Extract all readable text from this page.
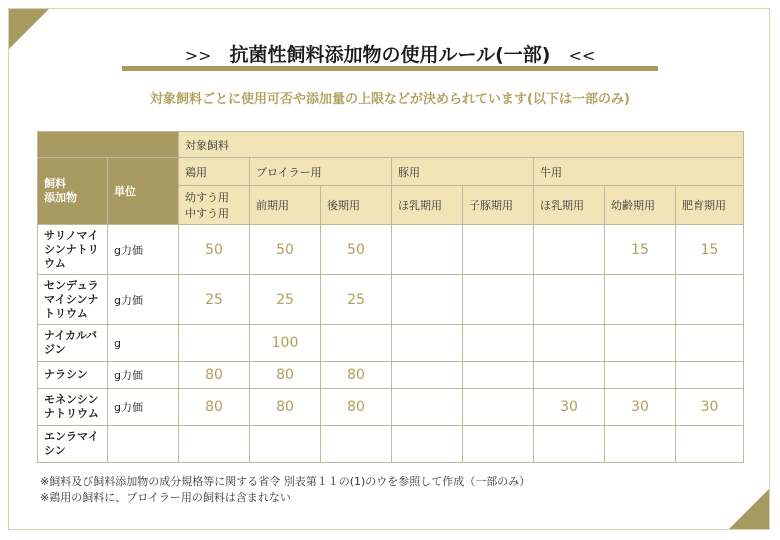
>> 抗菌性飼料添加物の使用ルール(一部) <<
対象飼料ごとに使用可否や添加量の上限などが決められています(以下は一部のみ)
		対象飼料							
飼料
添加物	単位	鶏用	ブロイラー用		豚用		牛用		
		幼すう用
中すう用	前期用	後期用	ほ乳期用	子豚期用	ほ乳期用	幼齢期用	肥育期用
サリノマイ
シンナトリ
ウム	g力価	50	50	50				15	15
センデュラ
マイシンナ
トリウム	g力価	25	25	25					
ナイカルバ
ジン	g		100						
ナラシン	g力価	80	80	80					
モネンシン
ナトリウム	g力価	80	80	80			30	30	30
エンラマイ
シン									
※飼料及び飼料添加物の成分規格等に関する省令 別表第１１の(1)のウを参照して作成（一部のみ）
※鶏用の飼料に、ブロイラー用の飼料は含まれない
